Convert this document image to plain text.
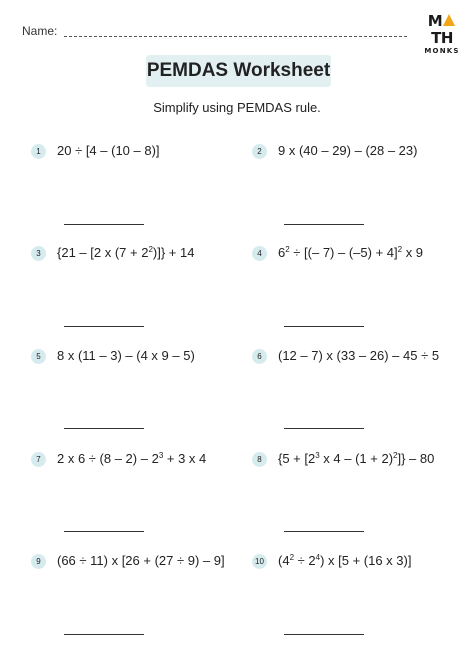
Name:
MTH
MONKS
PEMDAS Worksheet
Simplify using PEMDAS rule.
1	20 ÷ [4 – (10 – 8)]	2	9 x (40 – 29) – (28 – 23)
3	{21 – [2 x $(7 + 2^2)]\} + 14$	4	$6^2$ ÷ [(– 7) – (–5) + 4]$^2$ x 9
5	8 x (11 – 3) – (4 x 9 – 5)	6	(12 – 7) x (33 – 26) – 45 ÷ 5
7	2 x $6 \div (8 - 2) - 2^3 + 3$ x 4	8	{$5 + [2^3$ x $4 - (1 + 2)^2]\} - 80$
9	(66 ÷ 11) x [26 + (27 ÷ 9) – 9]	10 $(4^2 \div 2^4)$ x [5 + (16 x 3)]
